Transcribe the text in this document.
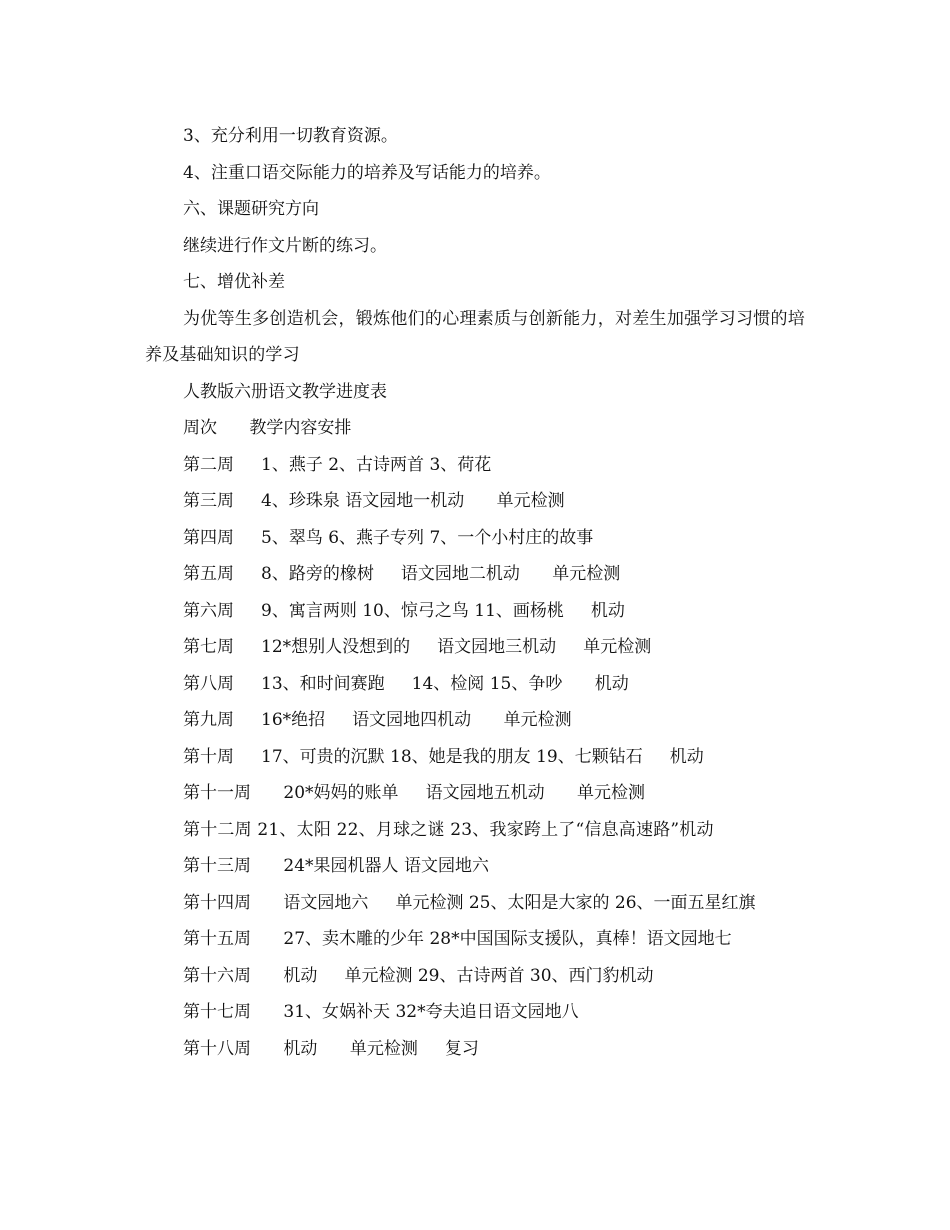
3、充分利用一切教育资源。
4、注重口语交际能力的培养及写话能力的培养。
六、课题研究方向
继续进行作文片断的练习。
七、增优补差
为优等生多创造机会，锻炼他们的心理素质与创新能力，对差生加强学习习惯的培养及基础知识的学习
人教版六册语文教学进度表
周次      教学内容安排
第二周     1、燕子 2、古诗两首 3、荷花
第三周     4、珍珠泉 语文园地一机动      单元检测
第四周     5、翠鸟 6、燕子专列 7、一个小村庄的故事
第五周     8、路旁的橡树     语文园地二机动      单元检测
第六周     9、寓言两则 10、惊弓之鸟 11、画杨桃     机动
第七周     12*想别人没想到的     语文园地三机动     单元检测
第八周     13、和时间赛跑     14、检阅 15、争吵      机动
第九周     16*绝招     语文园地四机动      单元检测
第十周     17、可贵的沉默 18、她是我的朋友 19、七颗钻石     机动
第十一周      20*妈妈的账单     语文园地五机动      单元检测
第十二周 21、太阳 22、月球之谜 23、我家跨上了“信息高速路”机动
第十三周      24*果园机器人 语文园地六
第十四周      语文园地六     单元检测 25、太阳是大家的 26、一面五星红旗
第十五周      27、卖木雕的少年 28*中国国际支援队，真棒！语文园地七
第十六周      机动     单元检测 29、古诗两首 30、西门豹机动
第十七周      31、女娲补天 32*夸夫追日语文园地八
第十八周      机动      单元检测     复习
